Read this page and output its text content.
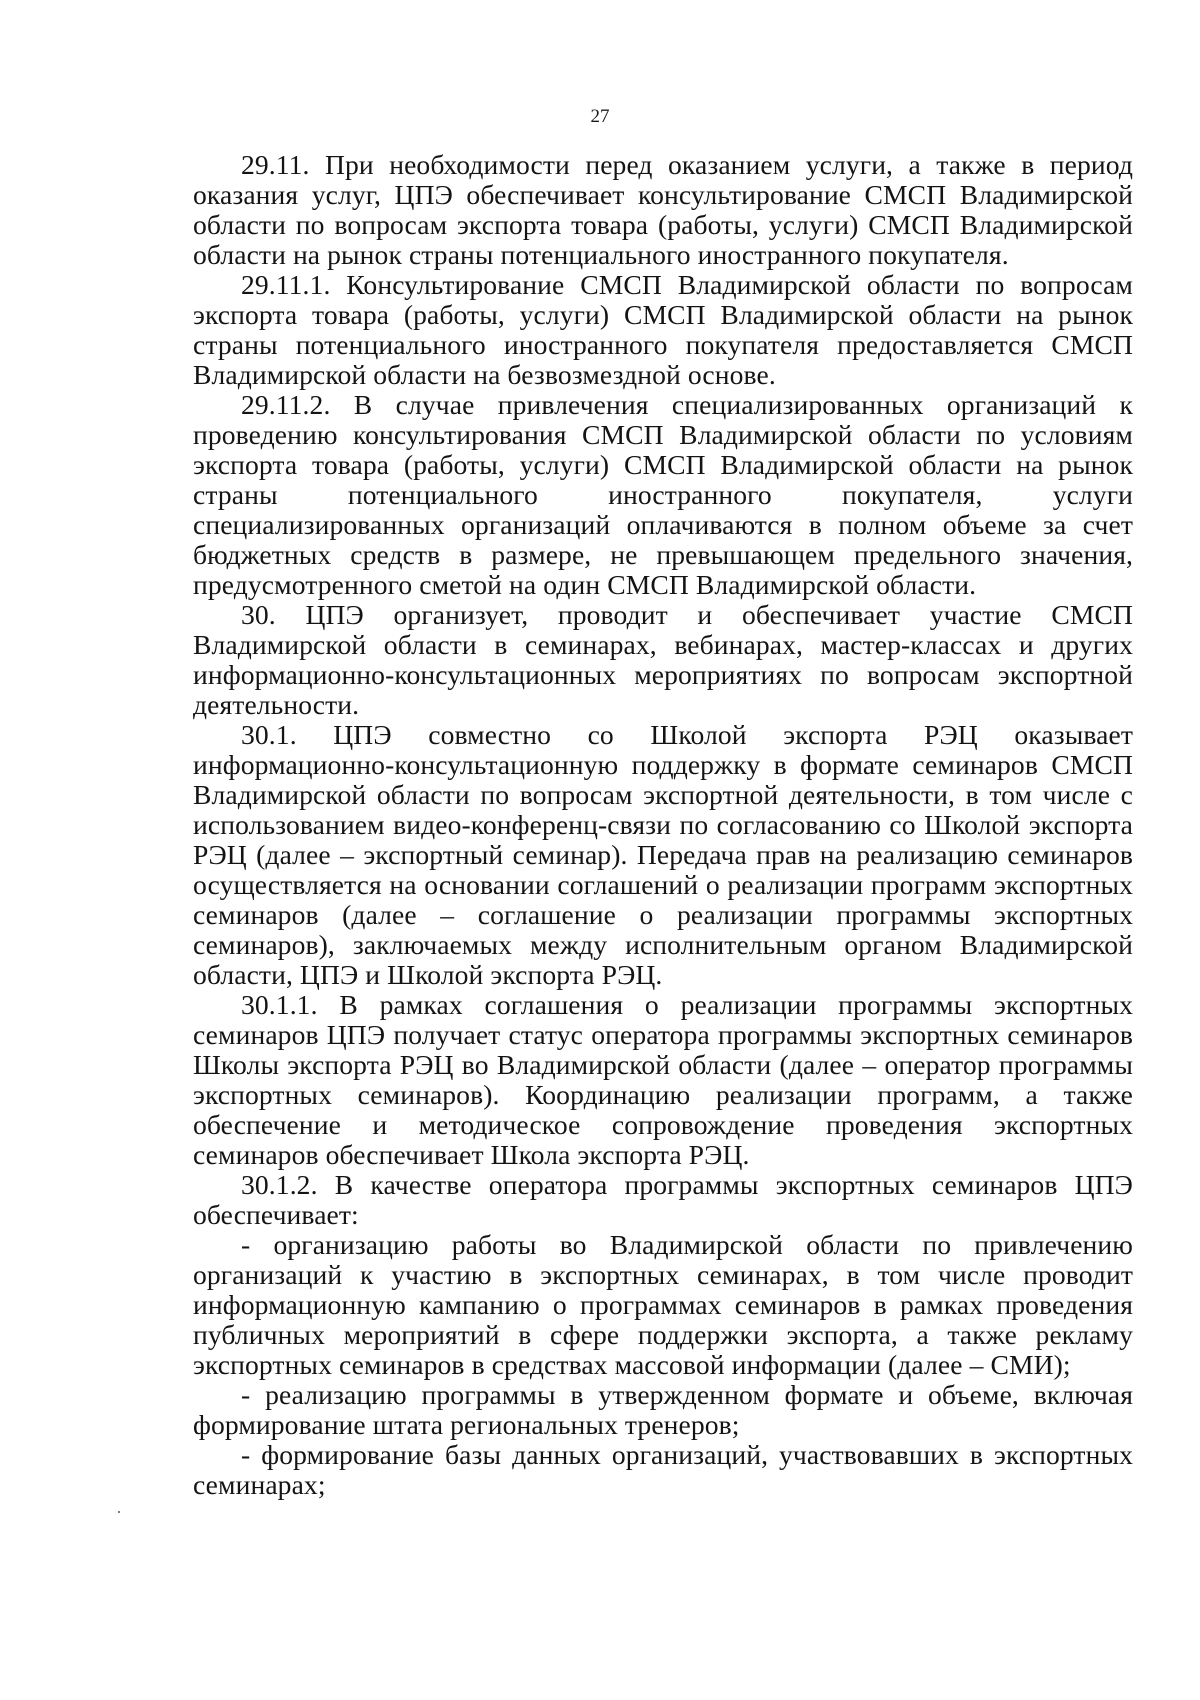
27

29.11. При необходимости перед оказанием услуги, а также в период оказания услуг, ЦПЭ обеспечивает консультирование СМСП Владимирской области по вопросам экспорта товара (работы, услуги) СМСП Владимирской области на рынок страны потенциального иностранного покупателя.

29.11.1. Консультирование СМСП Владимирской области по вопросам экспорта товара (работы, услуги) СМСП Владимирской области на рынок страны потенциального иностранного покупателя предоставляется СМСП Владимирской области на безвозмездной основе.

29.11.2. В случае привлечения специализированных организаций к проведению консультирования СМСП Владимирской области по условиям экспорта товара (работы, услуги) СМСП Владимирской области на рынок страны потенциального иностранного покупателя, услуги специализированных организаций оплачиваются в полном объеме за счет бюджетных средств в размере, не превышающем предельного значения, предусмотренного сметой на один СМСП Владимирской области.

30. ЦПЭ организует, проводит и обеспечивает участие СМСП Владимирской области в семинарах, вебинарах, мастер-классах и других информационно-консультационных мероприятиях по вопросам экспортной деятельности.

30.1. ЦПЭ совместно со Школой экспорта РЭЦ оказывает информационно-консультационную поддержку в формате семинаров СМСП Владимирской области по вопросам экспортной деятельности, в том числе с использованием видео-конференц-связи по согласованию со Школой экспорта РЭЦ (далее – экспортный семинар). Передача прав на реализацию семинаров осуществляется на основании соглашений о реализации программ экспортных семинаров (далее – соглашение о реализации программы экспортных семинаров), заключаемых между исполнительным органом Владимирской области, ЦПЭ и Школой экспорта РЭЦ.

30.1.1. В рамках соглашения о реализации программы экспортных семинаров ЦПЭ получает статус оператора программы экспортных семинаров Школы экспорта РЭЦ во Владимирской области (далее – оператор программы экспортных семинаров). Координацию реализации программ, а также обеспечение и методическое сопровождение проведения экспортных семинаров обеспечивает Школа экспорта РЭЦ.

30.1.2. В качестве оператора программы экспортных семинаров ЦПЭ обеспечивает:

- организацию работы во Владимирской области по привлечению организаций к участию в экспортных семинарах, в том числе проводит информационную кампанию о программах семинаров в рамках проведения публичных мероприятий в сфере поддержки экспорта, а также рекламу экспортных семинаров в средствах массовой информации (далее – СМИ);

- реализацию программы в утвержденном формате и объеме, включая формирование штата региональных тренеров;

- формирование базы данных организаций, участвовавших в экспортных семинарах;
